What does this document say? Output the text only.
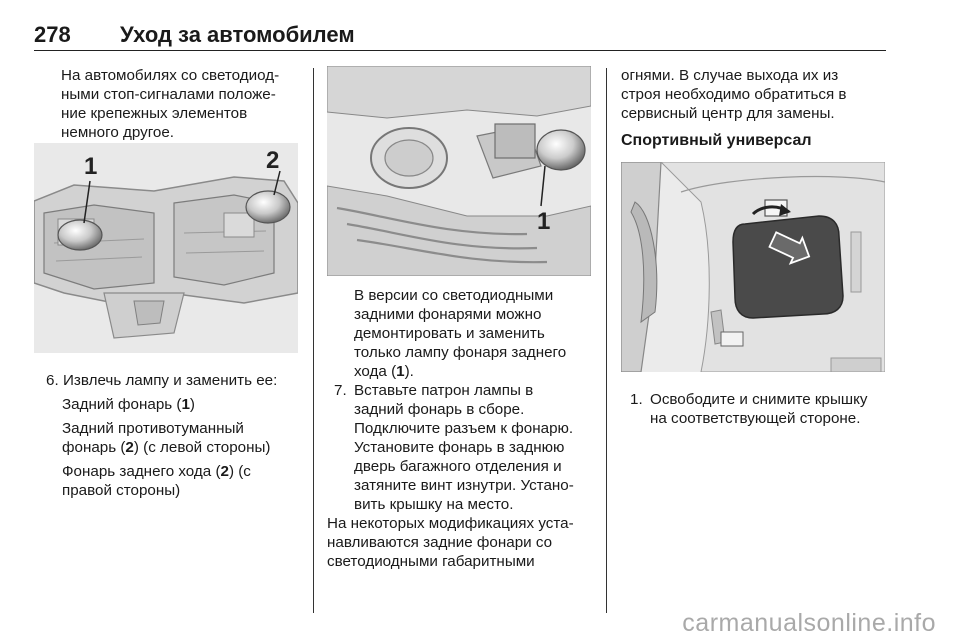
278 Уход за автомобилем

На автомобилях со светодиод-

ными стоп-сигналами положе-

ние крепежных элементов

немного другое.

1	2
6. Извлечь лампу и заменить ее:

Задний фонарь (1)

Задний противотуманный

фонарь (2) (с левой стороны)

Фонарь заднего хода (2) (с

правой стороны)

1

В версии со светодиодными

задними фонарями можно

демонтировать и заменить

только лампу фонаря заднего

хода (1).

7. Вставьте патрон лампы в

задний фонарь в сборе.

Подключите разъем к фонарю.

Установите фонарь в заднюю

дверь багажного отделения и

затяните винт изнутри. Устано-

вить крышку на место.

На некоторых модификациях уста-

навливаются задние фонари со

светодиодными габаритными

огнями. В случае выхода их из

строя необходимо обратиться в

сервисный центр для замены.

Спортивный универсал
1. Освободите и снимите крышку

на соответствующей стороне.

carmanualsonline.info
